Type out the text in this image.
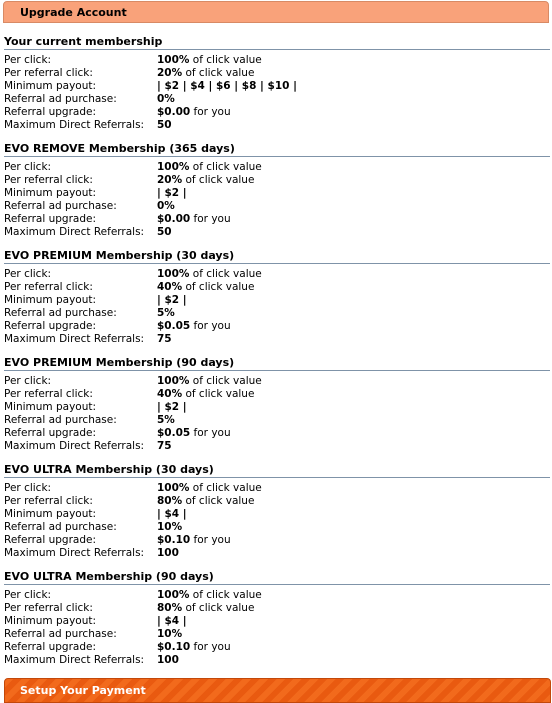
Upgrade Account
Your current membership
Per click:	100% of click value
Per referral click:	20% of click value
Minimum payout:	| $2 | $4 | $6 | $8 | $10 |
Referral ad purchase:	0%
Referral upgrade:	$0.00 for you
Maximum Direct Referrals: 50
EVO REMOVE Membership (365 days)
Per click:	100% of click value
Per referral click:	20% of click value
Minimum payout:	| $2 |
Referral ad purchase:	0%
Referral upgrade:	$0.00 for you
Maximum Direct Referrals: 50
EVO PREMIUM Membership (30 days)
Per click:	100% of click value
Per referral click:	40% of click value
Minimum payout:	| $2 |
Referral ad purchase:	5%
Referral upgrade:	$0.05 for you
Maximum Direct Referrals: 75
EVO PREMIUM Membership (90 days)
Per click:	100% of click value
Per referral click:	40% of click value
Minimum payout:	| $2 |
Referral ad purchase:	5%
Referral upgrade:	$0.05 for you
Maximum Direct Referrals: 75
EVO ULTRA Membership (30 days)
Per click:	100% of click value
Per referral click:	80% of click value
Minimum payout:	| $4 |
Referral ad purchase:	10%
Referral upgrade:	$0.10 for you
Maximum Direct Referrals: 100
EVO ULTRA Membership (90 days)
Per click:	100% of click value
Per referral click:	80% of click value
Minimum payout:	| $4 |
Referral ad purchase:	10%
Referral upgrade:	$0.10 for you
Maximum Direct Referrals: 100
Setup Your Payment
